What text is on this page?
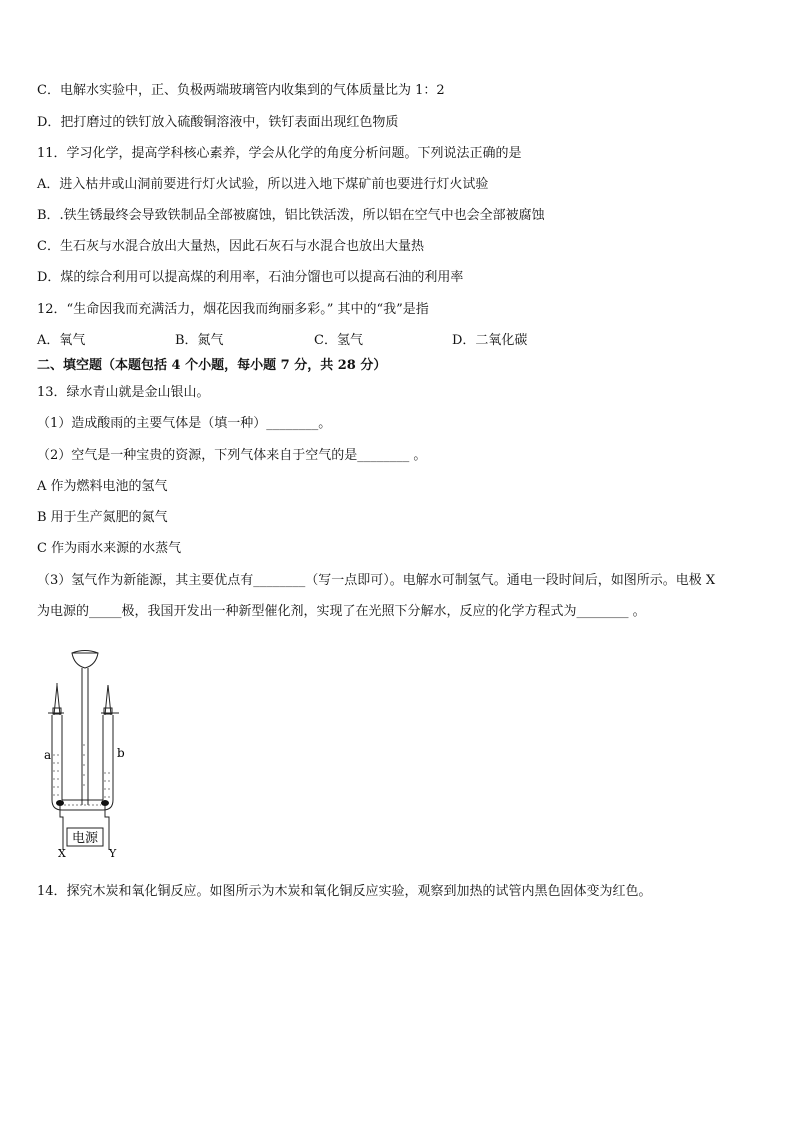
C．电解水实验中，正、负极两端玻璃管内收集到的气体质量比为 1：2
D．把打磨过的铁钉放入硫酸铜溶液中，铁钉表面出现红色物质
11．学习化学，提高学科核心素养，学会从化学的角度分析问题。下列说法正确的是
A．进入枯井或山洞前要进行灯火试验，所以进入地下煤矿前也要进行灯火试验
B．.铁生锈最终会导致铁制品全部被腐蚀，铝比铁活泼，所以铝在空气中也会全部被腐蚀
C．生石灰与水混合放出大量热，因此石灰石与水混合也放出大量热
D．煤的综合利用可以提高煤的利用率，石油分馏也可以提高石油的利用率
12．“生命因我而充满活力，烟花因我而绚丽多彩。” 其中的“我”是指
A．氧气	B．氮气	C．氢气	D．二氧化碳
二、填空题（本题包括 4 个小题，每小题 7 分，共 28 分）
13．绿水青山就是金山银山。
（1）造成酸雨的主要气体是（填一种）________。
（2）空气是一种宝贵的资源，下列气体来自于空气的是________ 。
A 作为燃料电池的氢气
B 用于生产氮肥的氮气
C 作为雨水来源的水蒸气
（3）氢气作为新能源，其主要优点有________（写一点即可）。电解水可制氢气。通电一段时间后，如图所示。电极 X
为电源的_____极，我国开发出一种新型催化剂，实现了在光照下分解水，反应的化学方程式为________ 。
电源
a	b
X	Y
14．探究木炭和氧化铜反应。如图所示为木炭和氧化铜反应实验，观察到加热的试管内黑色固体变为红色。
